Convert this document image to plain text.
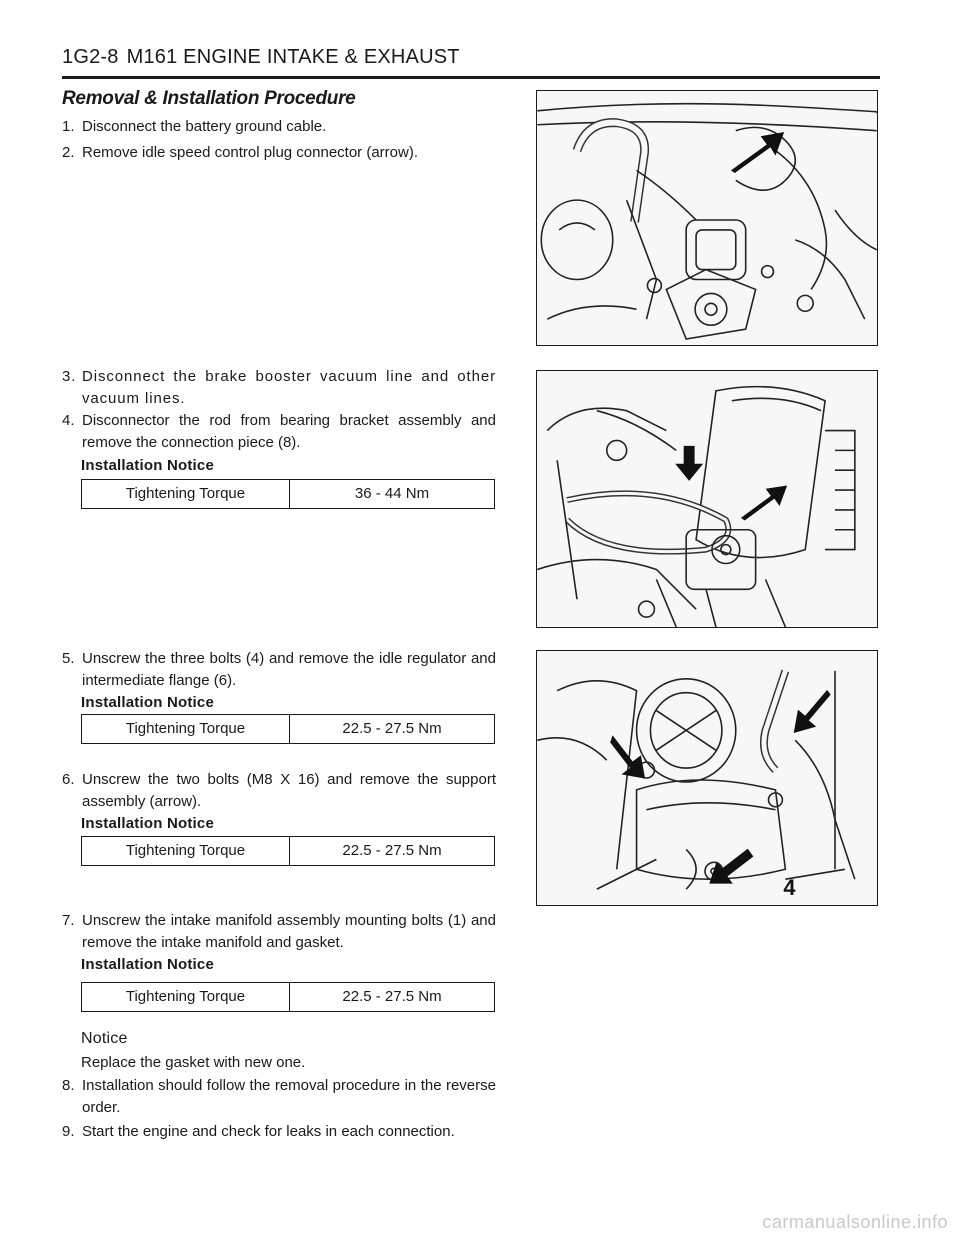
1G2-8 M161 ENGINE INTAKE & EXHAUST
Removal & Installation Procedure
1. Disconnect the battery ground cable.
2. Remove idle speed control plug connector (arrow).
3. Disconnect the brake booster vacuum line and other vacuum lines.
4. Disconnector the rod from bearing bracket assembly and remove the connection piece (8).
Installation Notice
Tightening Torque	36 - 44 Nm
5. Unscrew the three bolts (4) and remove the idle regulator and intermediate flange (6).
Installation Notice
Tightening Torque	22.5 - 27.5 Nm
6. Unscrew the two bolts (M8 X 16) and remove the support assembly (arrow).
Installation Notice
Tightening Torque	22.5 - 27.5 Nm
7. Unscrew the intake manifold assembly mounting bolts (1) and remove the intake manifold and gasket.
Installation Notice
Tightening Torque	22.5 - 27.5 Nm
Notice
Replace the gasket with new one.
8. Installation should follow the removal procedure in the reverse order.
9. Start the engine and check for leaks in each connection.
4
carmanualsonline.info
